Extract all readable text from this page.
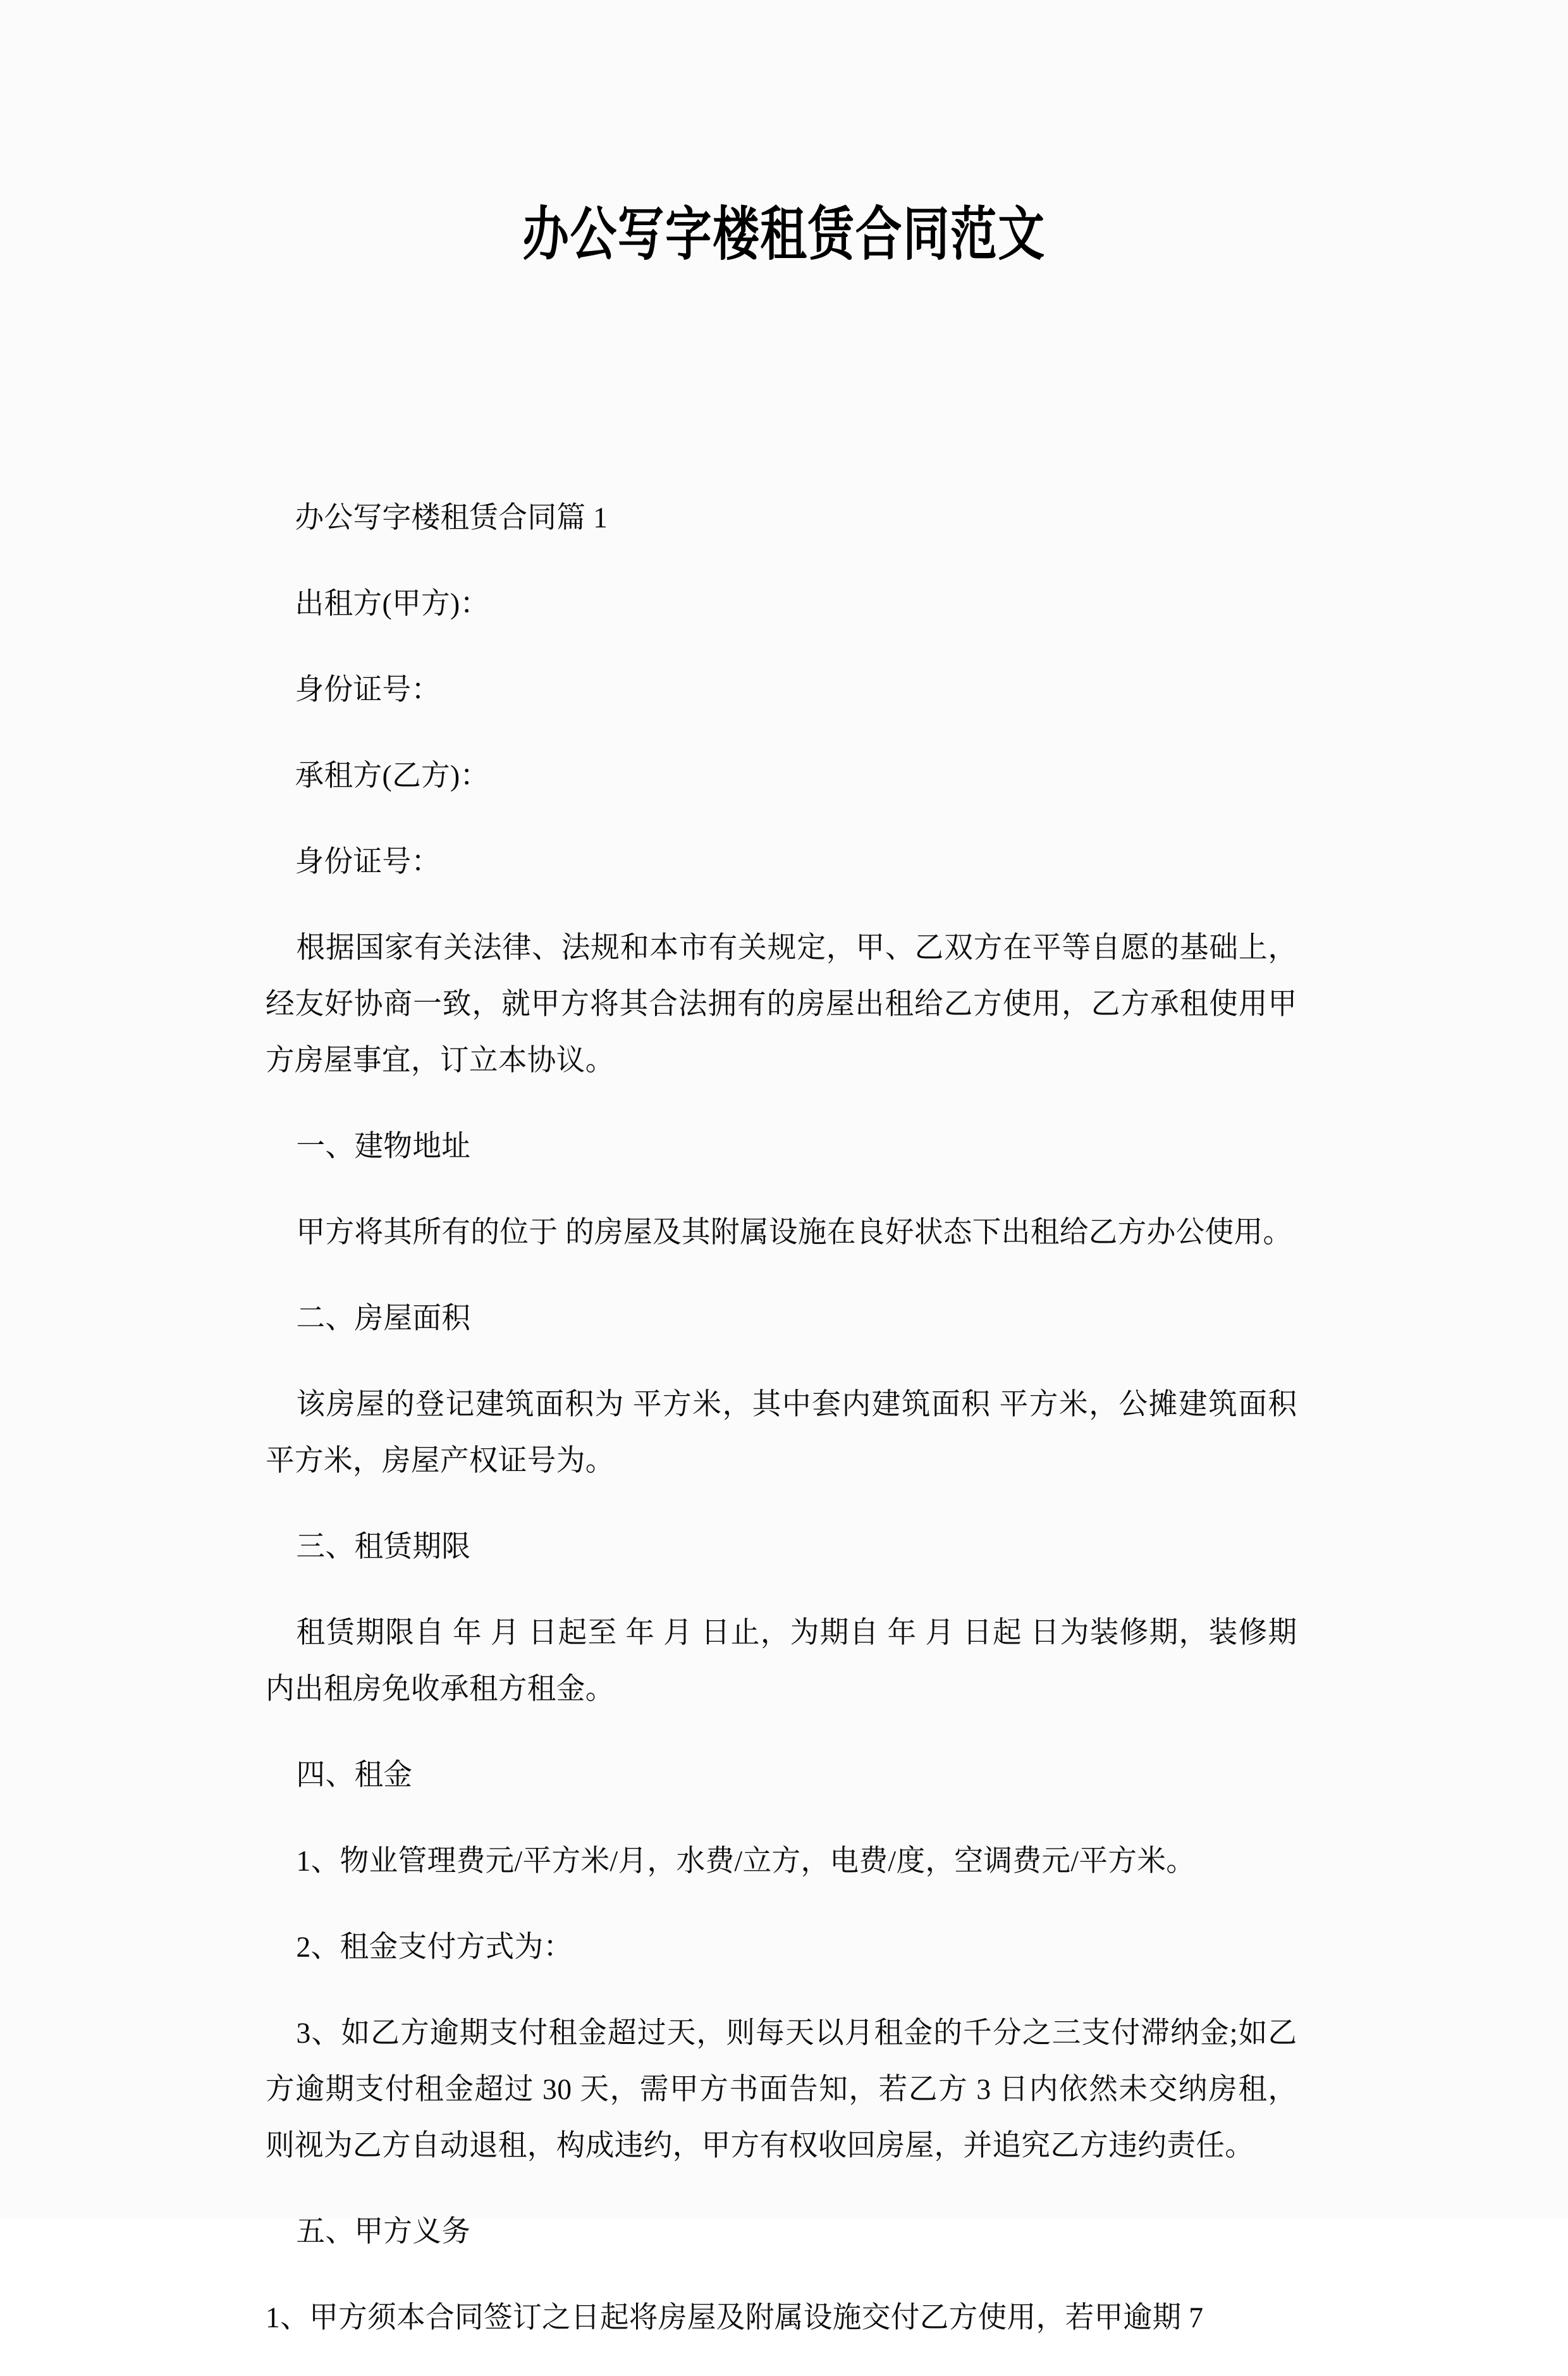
办公写字楼租赁合同范文

办公写字楼租赁合同篇 1

出租方(甲方)：

身份证号：

承租方(乙方)：

身份证号：

根据国家有关法律、法规和本市有关规定，甲、乙双方在平等自愿的基础上，经友好协商一致，就甲方将其合法拥有的房屋出租给乙方使用，乙方承租使用甲方房屋事宜，订立本协议。

一、建物地址

甲方将其所有的位于 的房屋及其附属设施在良好状态下出租给乙方办公使用。

二、房屋面积

该房屋的登记建筑面积为 平方米，其中套内建筑面积 平方米，公摊建筑面积 平方米，房屋产权证号为。

三、租赁期限

租赁期限自 年 月 日起至 年 月 日止，为期自 年 月 日起 日为装修期，装修期内出租房免收承租方租金。

四、租金

1、物业管理费元/平方米/月，水费/立方，电费/度，空调费元/平方米。

2、租金支付方式为：

3、如乙方逾期支付租金超过天，则每天以月租金的千分之三支付滞纳金;如乙方逾期支付租金超过 30 天，需甲方书面告知，若乙方 3 日内依然未交纳房租，则视为乙方自动退租，构成违约，甲方有权收回房屋，并追究乙方违约责任。

五、甲方义务

1、甲方须本合同签订之日起将房屋及附属设施交付乙方使用，若甲逾期 7
